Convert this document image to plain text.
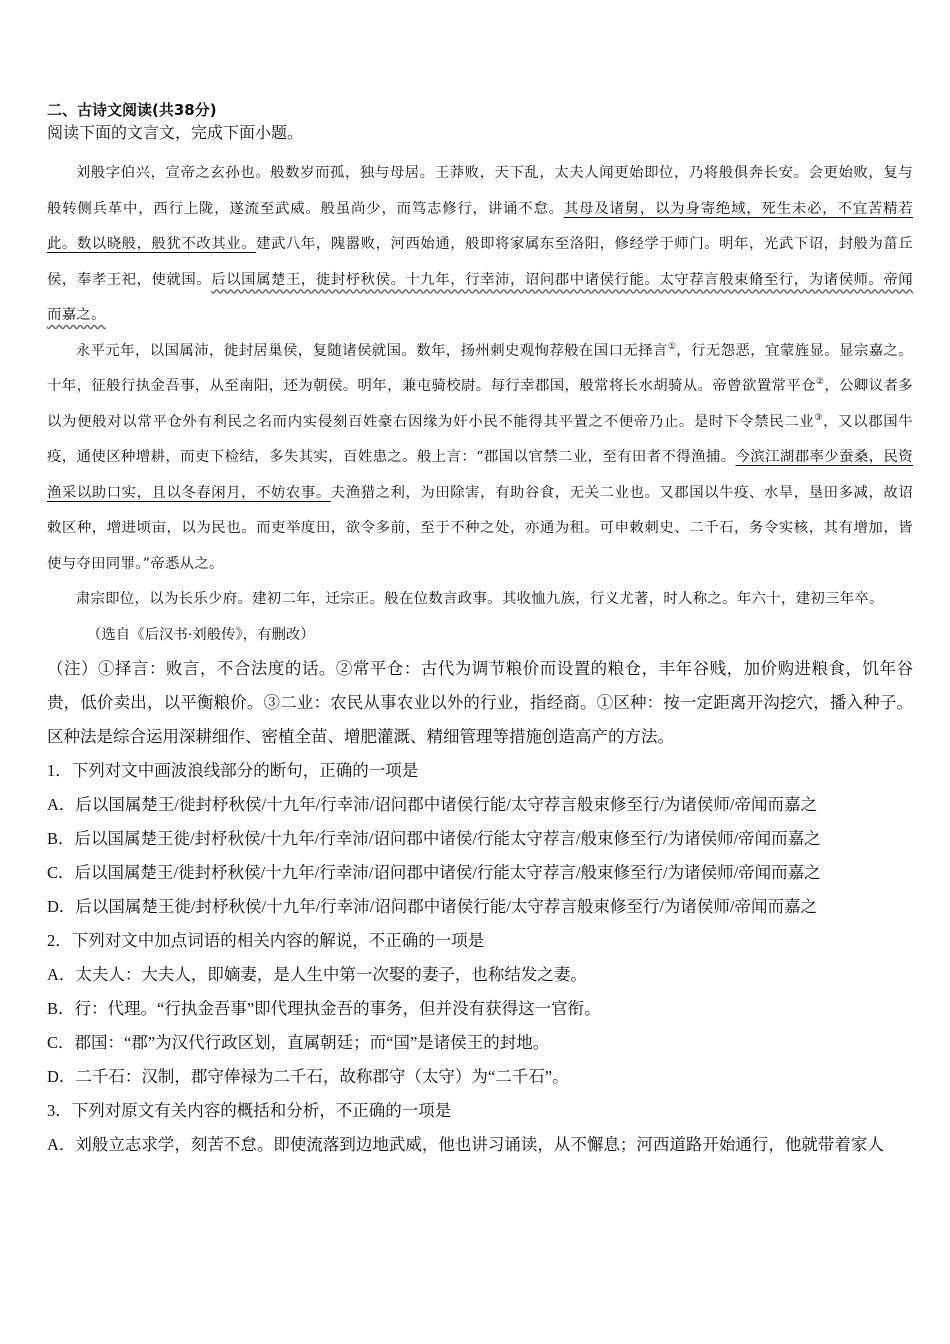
二、古诗文阅读(共38分)

阅读下面的文言文，完成下面小题。

刘般字伯兴，宣帝之玄孙也。般数岁而孤，独与母居。王莽败，天下乱，太夫人闻更始即位，乃将般俱奔长安。会更始败，复与般转侧兵革中，西行上陇，遂流至武威。般虽尚少，而笃志修行，讲诵不怠。其母及诸舅，以为身寄绝域，死生未必，不宜苦精若此。数以晓般，般犹不改其业。建武八年，隗嚣败，河西始通，般即将家属东至洛阳，修经学于师门。明年，光武下诏，封般为菑丘侯，奉孝王祀，使就国。后以国属楚王，徙封杼秋侯。十九年，行幸沛，诏问郡中诸侯行能。太守荐言般束脩至行，为诸侯师。帝闻而嘉之。

永平元年，以国属沛，徙封居巢侯，复随诸侯就国。数年，扬州刺史观恂荐般在国口无择言①，行无怨恶，宜蒙旌显。显宗嘉之。十年，征般行执金吾事，从至南阳，还为朝侯。明年，兼屯骑校尉。每行幸郡国，般常将长水胡骑从。帝曾欲置常平仓②，公卿议者多以为便般对以常平仓外有利民之名而内实侵刻百姓豪右因缘为奸小民不能得其平置之不便帝乃止。是时下令禁民二业③，又以郡国牛疫，通使区种增耕，而吏下检结，多失其实，百姓患之。般上言：“郡国以官禁二业，至有田者不得渔捕。今滨江湖郡率少蚕桑，民资渔采以助口实，且以冬春闲月，不妨农事。夫渔猎之利，为田除害，有助谷食，无关二业也。又郡国以牛疫、水旱，垦田多减，故诏敕区种，增进顷亩，以为民也。而吏举度田，欲令多前，至于不种之处，亦通为租。可申敕刺史、二千石，务令实核，其有增加，皆使与夺田同罪。”帝悉从之。

肃宗即位，以为长乐少府。建初二年，迁宗正。般在位数言政事。其收恤九族，行义尤著，时人称之。年六十，建初三年卒。

（选自《后汉书·刘般传》，有删改）

（注）①择言：败言，不合法度的话。②常平仓：古代为调节粮价而设置的粮仓，丰年谷贱，加价购进粮食，饥年谷贵，低价卖出，以平衡粮价。③二业：农民从事农业以外的行业，指经商。①区种：按一定距离开沟挖穴，播入种子。区种法是综合运用深耕细作、密植全苗、增肥灌溉、精细管理等措施创造高产的方法。

1．下列对文中画波浪线部分的断句，正确的一项是

A．后以国属楚王/徙封杼秋侯/十九年/行幸沛/诏问郡中诸侯行能/太守荐言般束修至行/为诸侯师/帝闻而嘉之

B．后以国属楚王徙/封杼秋侯/十九年/行幸沛/诏问郡中诸侯/行能太守荐言/般束修至行/为诸侯师/帝闻而嘉之

C．后以国属楚王/徙封杼秋侯/十九年/行幸沛/诏问郡中诸侯/行能太守荐言/般束修至行/为诸侯师/帝闻而嘉之

D．后以国属楚王徙/封杼秋侯/十九年/行幸沛/诏问郡中诸侯行能/太守荐言般束修至行/为诸侯师/帝闻而嘉之

2．下列对文中加点词语的相关内容的解说，不正确的一项是

A．太夫人：大夫人，即嫡妻，是人生中第一次娶的妻子，也称结发之妻。

B．行：代理。“行执金吾事”即代理执金吾的事务，但并没有获得这一官衔。

C．郡国：“郡”为汉代行政区划，直属朝廷；而“国”是诸侯王的封地。

D．二千石：汉制，郡守俸禄为二千石，故称郡守（太守）为“二千石”。

3．下列对原文有关内容的概括和分析，不正确的一项是

A．刘般立志求学，刻苦不怠。即使流落到边地武威，他也讲习诵读，从不懈息；河西道路开始通行，他就带着家人
